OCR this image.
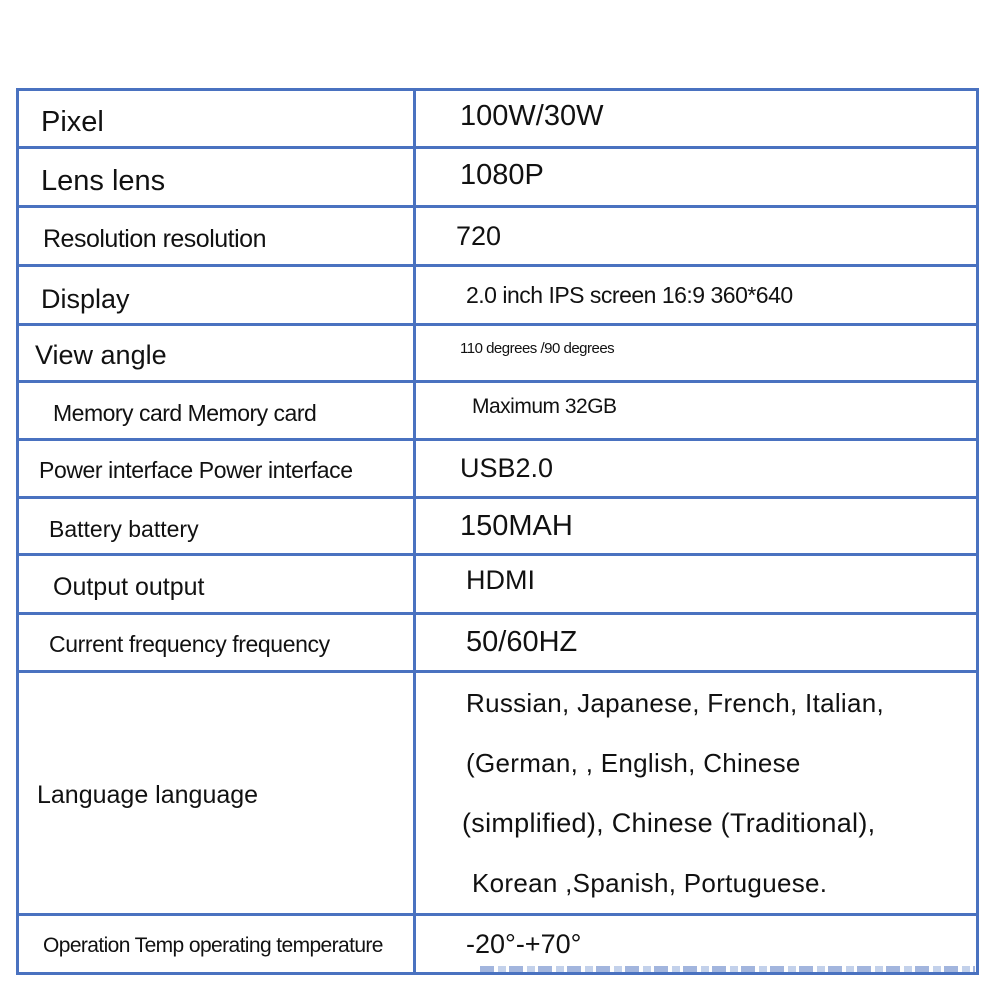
Pixel	100W/30W

Lens lens	1080P

Resolution resolution	720

Display	2.0 inch IPS screen 16:9 360*640

View angle	110 degrees /90 degrees

Memory card Memory card	Maximum 32GB

Power interface Power interface	USB2.0

Battery battery	150MAH

Output output	HDMI

Current frequency frequency	50/60HZ

Language language	Russian, Japanese, French, Italian,
(German, , English, Chinese
(simplified), Chinese (Traditional),
Korean ,Spanish, Portuguese.

Operation Temp operating temperature	-20°-+70°
